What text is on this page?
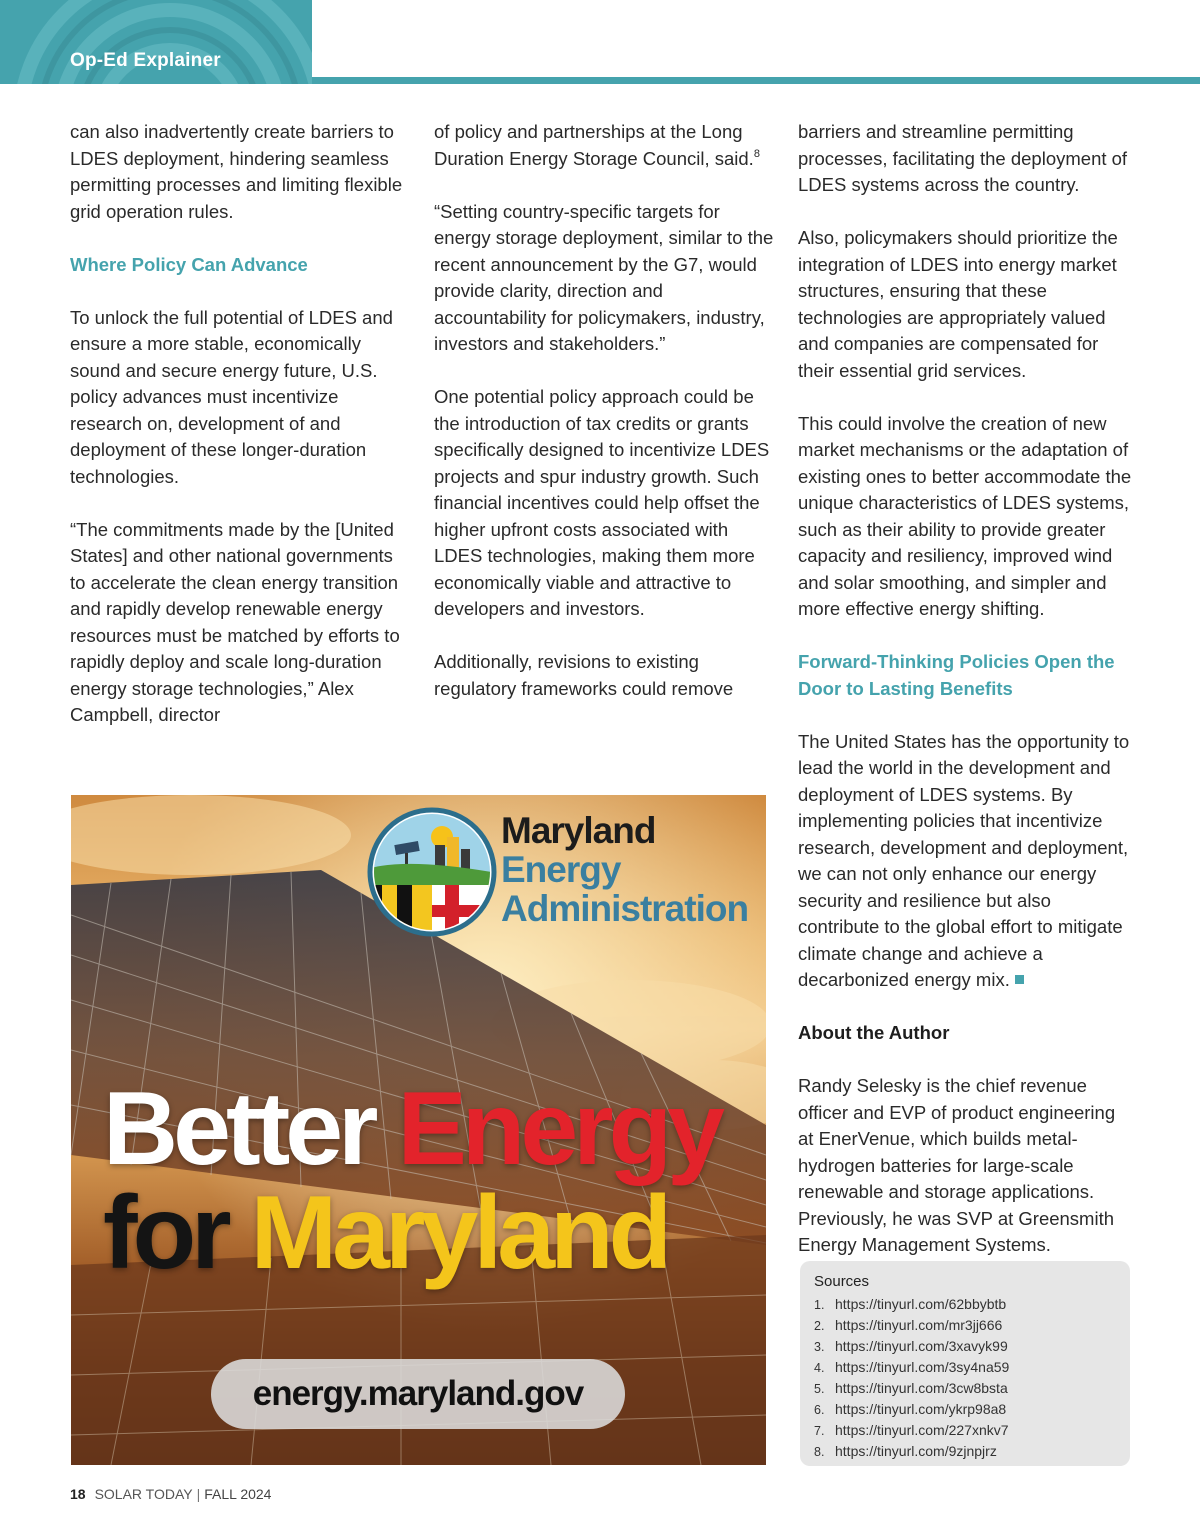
Op-Ed Explainer

can also inadvertently create barriers to LDES deployment, hindering seamless permitting processes and limiting flexible grid operation rules.

Where Policy Can Advance

To unlock the full potential of LDES and ensure a more stable, economically sound and secure energy future, U.S. policy advances must incentivize research on, development of and deployment of these longer-duration technologies.

“The commitments made by the [United States] and other national governments to accelerate the clean energy transition and rapidly develop renewable energy resources must be matched by efforts to rapidly deploy and scale long-duration energy storage technologies,” Alex Campbell, director

of policy and partnerships at the Long Duration Energy Storage Council, said.$^8$

“Setting country-specific targets for energy storage deployment, similar to the recent announcement by the G7, would provide clarity, direction and accountability for policymakers, industry, investors and stakeholders.”

One potential policy approach could be the introduction of tax credits or grants specifically designed to incentivize LDES projects and spur industry growth. Such financial incentives could help offset the higher upfront costs associated with LDES technologies, making them more economically viable and attractive to developers and investors.

Additionally, revisions to existing regulatory frameworks could remove

barriers and streamline permitting processes, facilitating the deployment of LDES systems across the country.

Also, policymakers should prioritize the integration of LDES into energy market structures, ensuring that these technologies are appropriately valued and companies are compensated for their essential grid services.

This could involve the creation of new market mechanisms or the adaptation of existing ones to better accommodate the unique characteristics of LDES systems, such as their ability to provide greater capacity and resiliency, improved wind and solar smoothing, and simpler and more effective energy shifting.

Forward-Thinking Policies Open the Door to Lasting Benefits

The United States has the opportunity to lead the world in the development and deployment of LDES systems. By implementing policies that incentivize research, development and deployment, we can not only enhance our energy security and resilience but also contribute to the global effort to mitigate climate change and achieve a decarbonized energy mix.

About the Author

Randy Selesky is the chief revenue officer and EVP of product engineering at EnerVenue, which builds metal-hydrogen batteries for large-scale renewable and storage applications. Previously, he was SVP at Greensmith Energy Management Systems.

Maryland
Energy
Administration
Better Energy
for Maryland
energy.maryland.gov
Sources
1. https://tinyurl.com/62bbybtb
2. https://tinyurl.com/mr3jj666
3. https://tinyurl.com/3xavyk99
4. https://tinyurl.com/3sy4na59
5. https://tinyurl.com/3cw8bsta
6. https://tinyurl.com/ykrp98a8
7. https://tinyurl.com/227xnkv7
8. https://tinyurl.com/9zjnpjrz
18 SOLAR TODAY | FALL 2024
